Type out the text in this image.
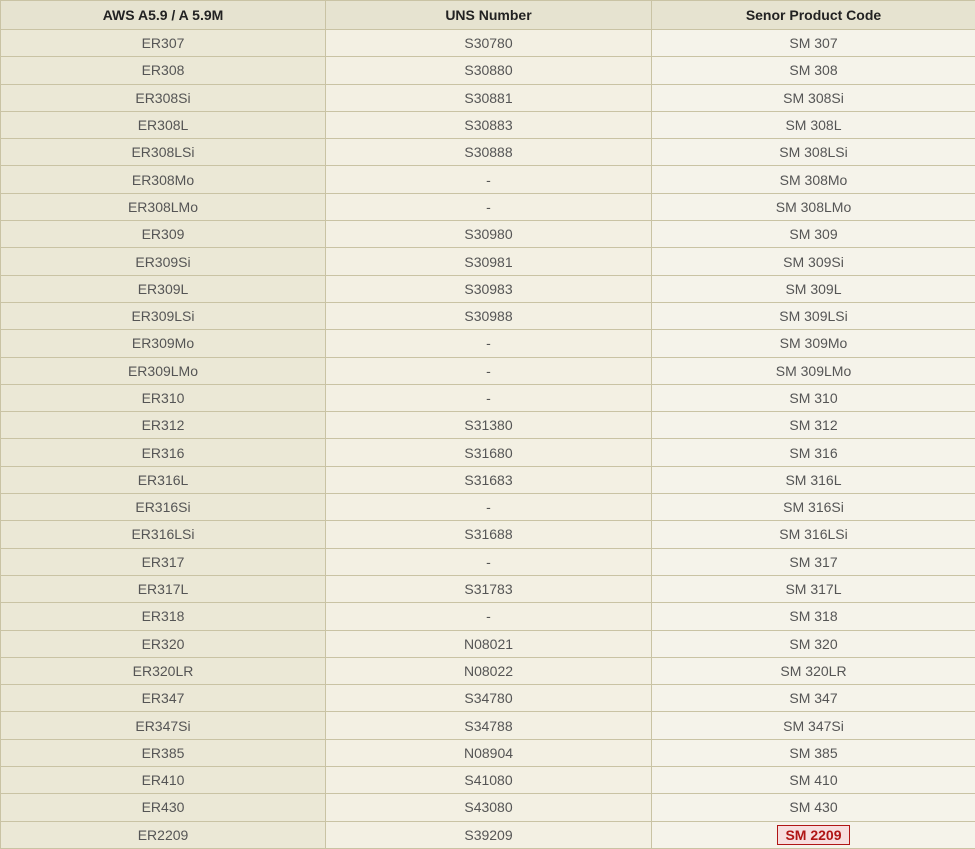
AWS A5.9 / A 5.9M	UNS Number	Senor Product Code
ER307	S30780	SM 307
ER308	S30880	SM 308
ER308Si	S30881	SM 308Si
ER308L	S30883	SM 308L
ER308LSi	S30888	SM 308LSi
ER308Mo	-	SM 308Mo
ER308LMo	-	SM 308LMo
ER309	S30980	SM 309
ER309Si	S30981	SM 309Si
ER309L	S30983	SM 309L
ER309LSi	S30988	SM 309LSi
ER309Mo	-	SM 309Mo
ER309LMo	-	SM 309LMo
ER310	-	SM 310
ER312	S31380	SM 312
ER316	S31680	SM 316
ER316L	S31683	SM 316L
ER316Si	-	SM 316Si
ER316LSi	S31688	SM 316LSi
ER317	-	SM 317
ER317L	S31783	SM 317L
ER318	-	SM 318
ER320	N08021	SM 320
ER320LR	N08022	SM 320LR
ER347	S34780	SM 347
ER347Si	S34788	SM 347Si
ER385	N08904	SM 385
ER410	S41080	SM 410
ER430	S43080	SM 430
ER2209	S39209	SM 2209
